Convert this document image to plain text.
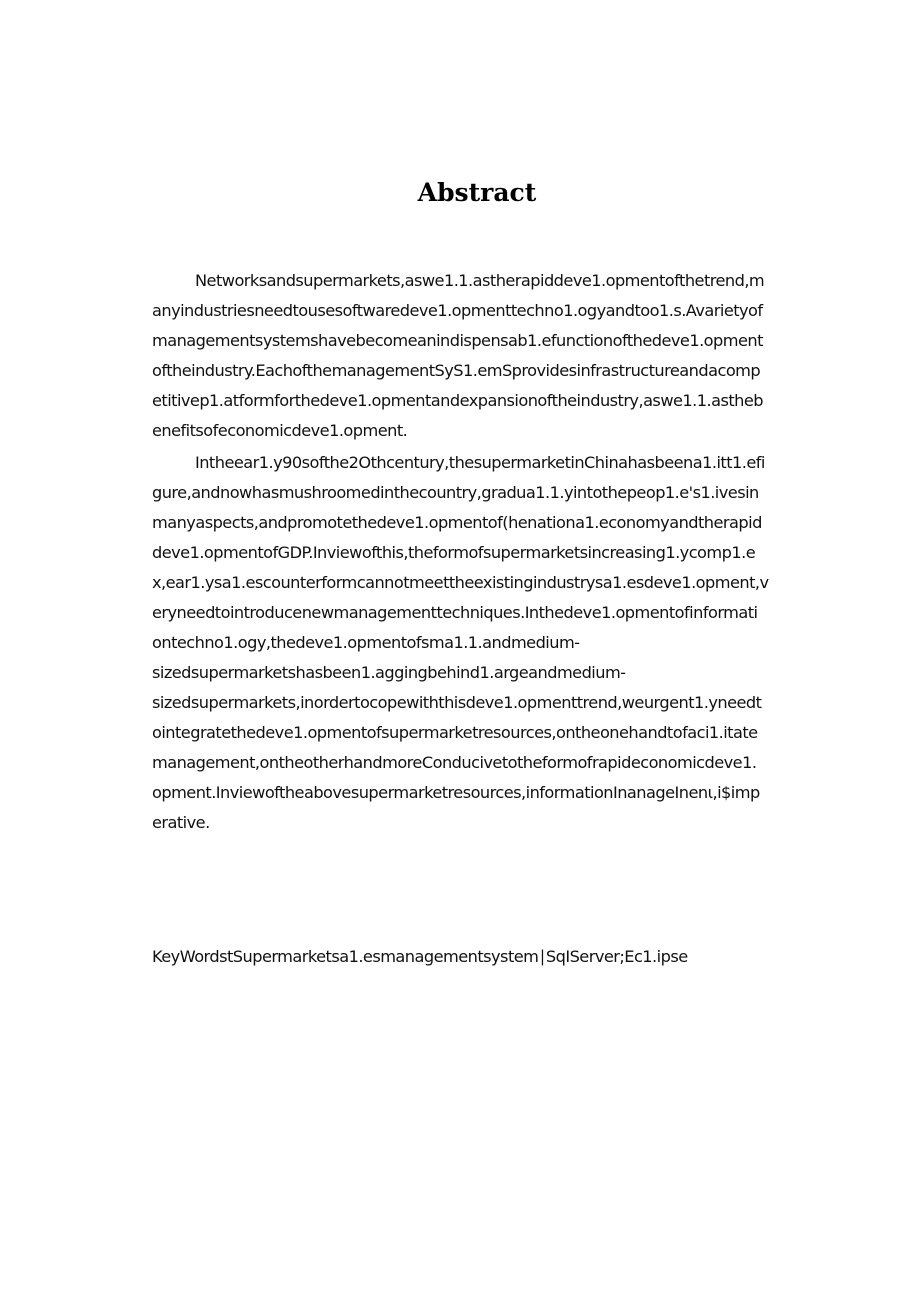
Abstract
Networksandsupermarkets,aswe1.1.astherapiddeve1.opmentofthetrend,m
anyindustriesneedtousesoftwaredeve1.opmenttechno1.ogyandtoo1.s.Avarietyof
managementsystemshavebecomeanindispensab1.efunctionofthedeve1.opment
oftheindustry.EachofthemanagementSyS1.emSprovidesinfrastructureandacomp
etitivep1.atformforthedeve1.opmentandexpansionoftheindustry,aswe1.1.astheb
enefitsofeconomicdeve1.opment.
Intheear1.y90softhe2Othcentury,thesupermarketinChinahasbeena1.itt1.efi
gure,andnowhasmushroomedinthecountry,gradua1.1.yintothepeop1.e's1.ivesin
manyaspects,andpromotethedeve1.opmentof(henationa1.economyandtherapid
deve1.opmentofGDP.Inviewofthis,theformofsupermarketsincreasing1.ycomp1.e
x,ear1.ysa1.escounterformcannotmeettheexistingindustrysa1.esdeve1.opment,v
eryneedtointroducenewmanagementtechniques.Inthedeve1.opmentofinformati
ontechno1.ogy,thedeve1.opmentofsma1.1.andmedium-
sizedsupermarketshasbeen1.aggingbehind1.argeandmedium-
sizedsupermarkets,inordertocopewiththisdeve1.opmenttrend,weurgent1.yneedt
ointegratethedeve1.opmentofsupermarketresources,ontheonehandtofaci1.itate
management,ontheotherhandmoreConducivetotheformofrapideconomicdeve1.
opment.Inviewoftheabovesupermarketresources,informationInanageInenι,i$imp
erative.

KeyWordstSupermarketsa1.esmanagementsystem∣SqIServer;Ec1.ipse
